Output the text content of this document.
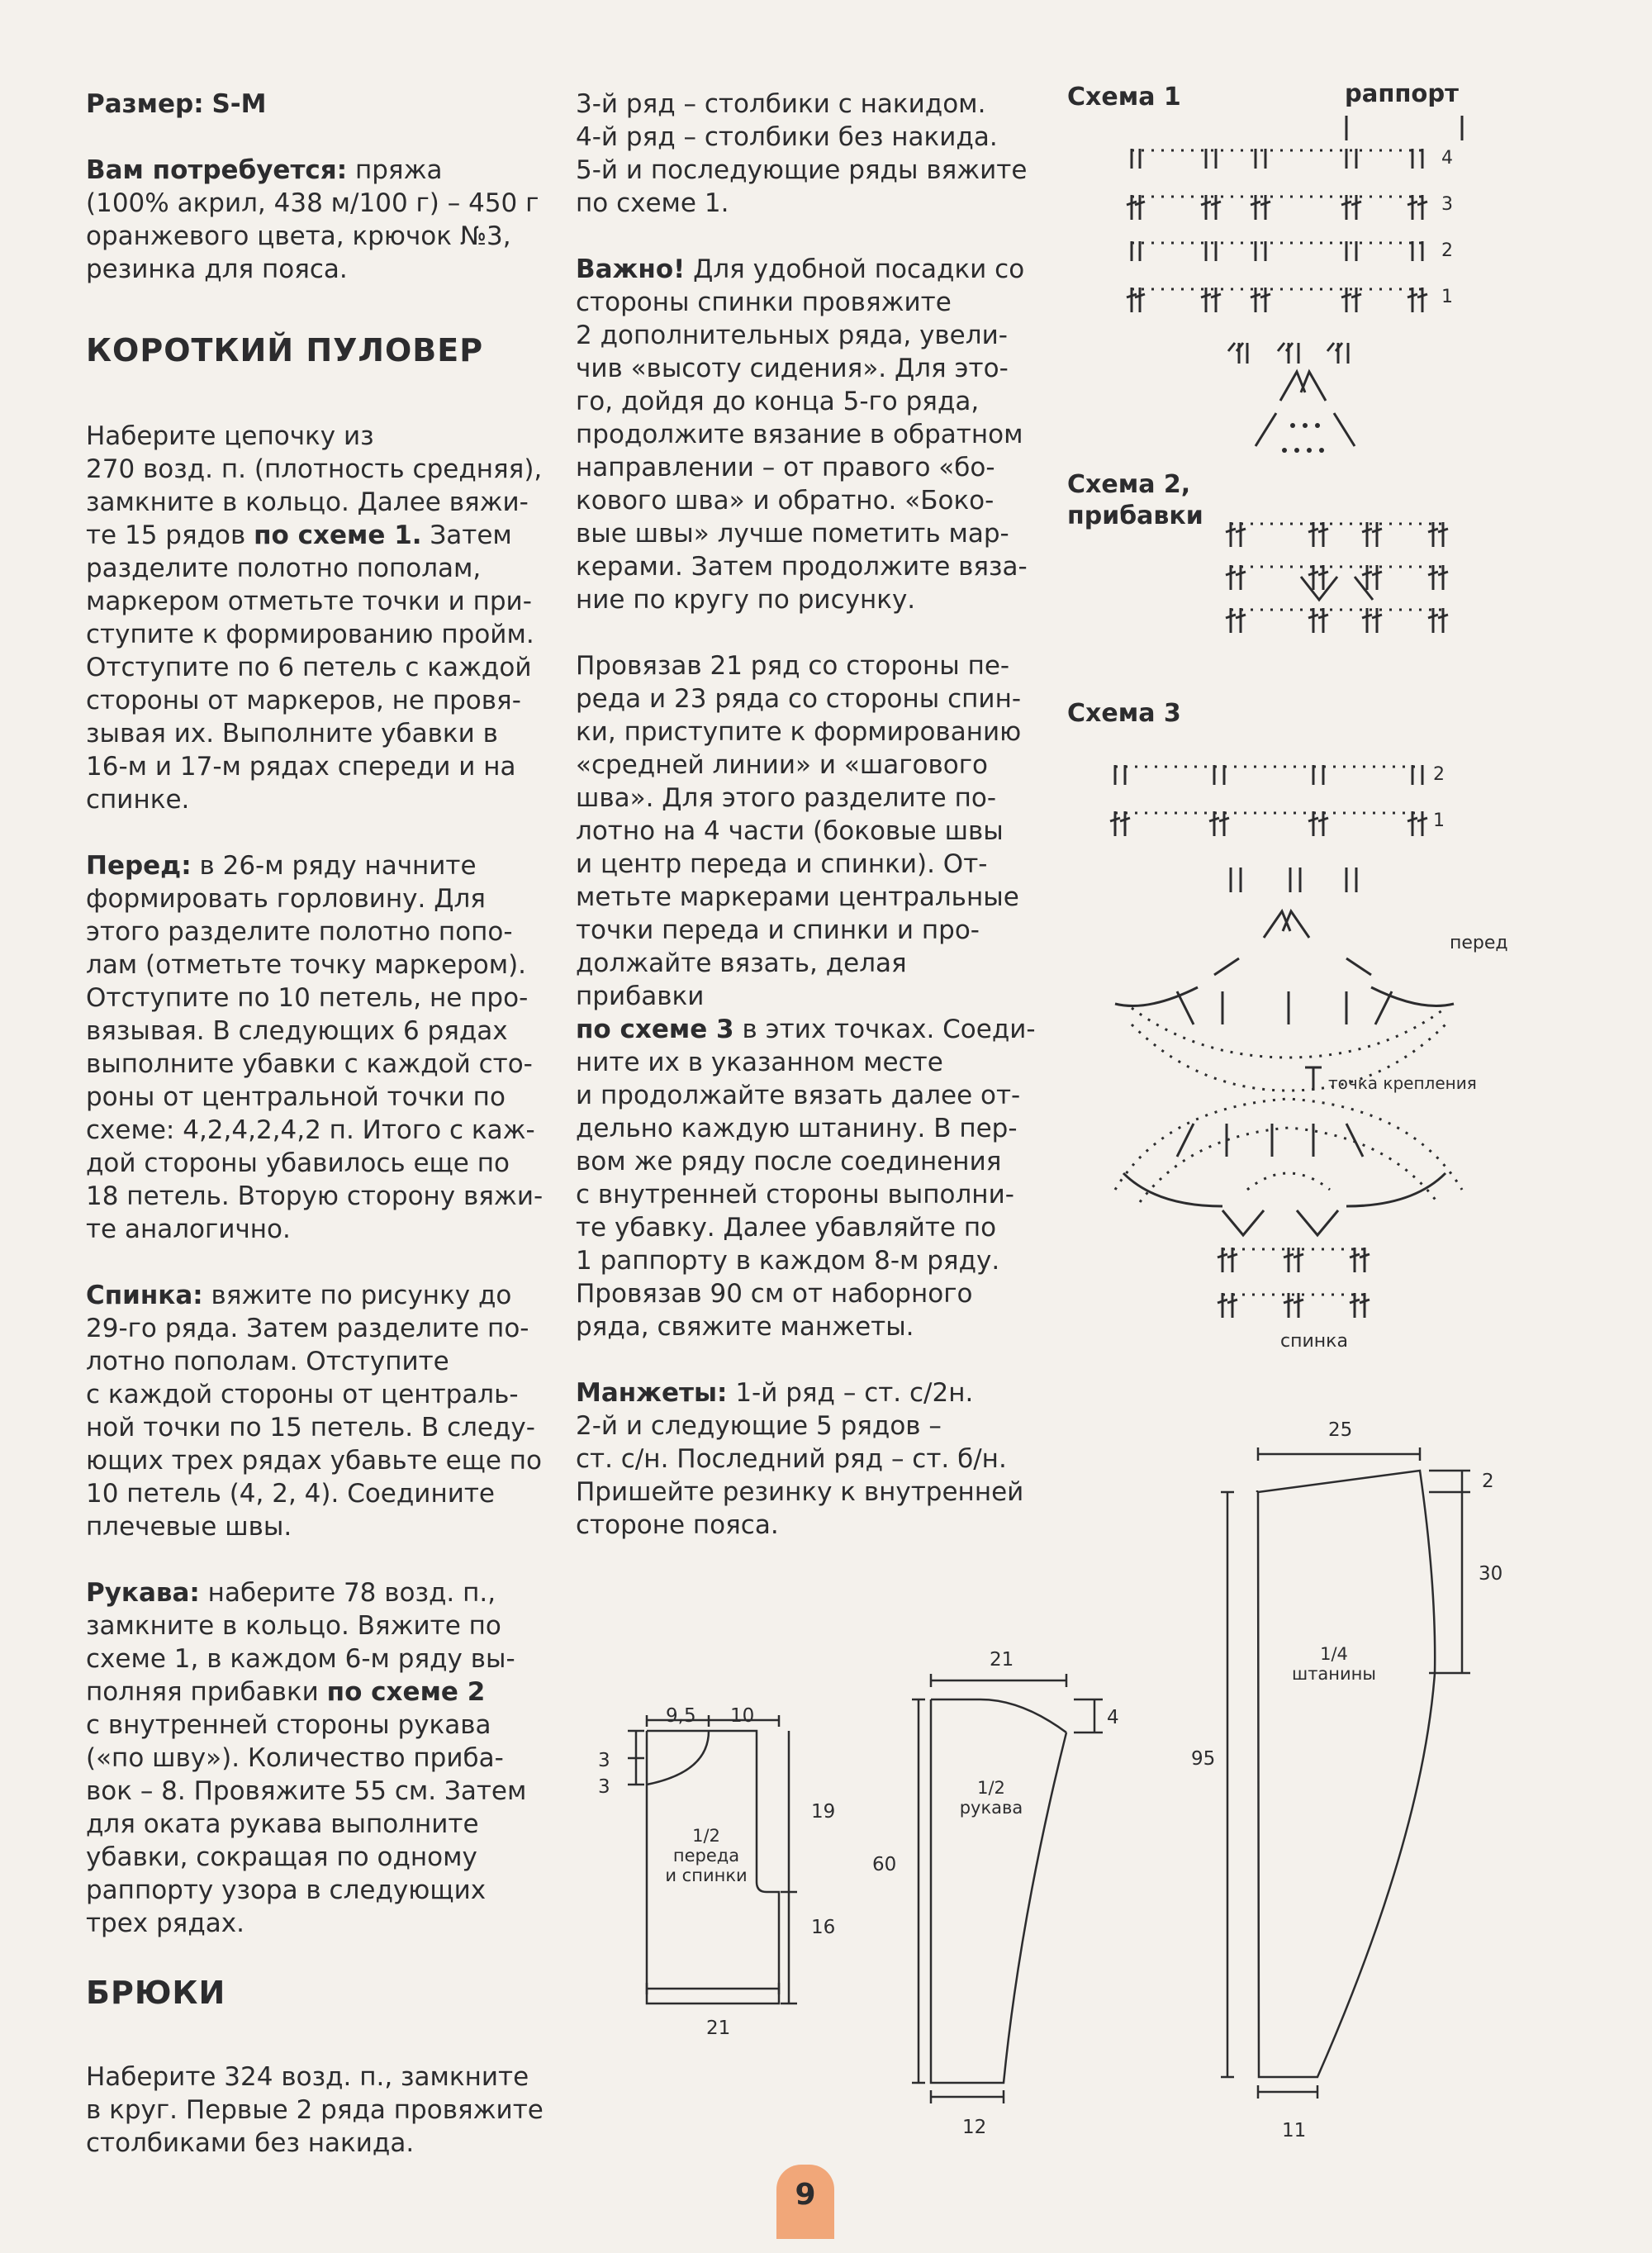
Размер: S-M

Вам потребуется: пряжа
(100% акрил, 438 м/100 г) – 450 г
оранжевого цвета, крючок №3,
резинка для пояса.

КОРОТКИЙ ПУЛОВЕР

Наберите цепочку из
270 возд. п. (плотность средняя),
замкните в кольцо. Далее вяжи-
те 15 рядов по схеме 1. Затем
разделите полотно пополам,
маркером отметьте точки и при-
ступите к формированию пройм.
Отступите по 6 петель с каждой
стороны от маркеров, не провя-
зывая их. Выполните убавки в
16-м и 17-м рядах спереди и на
спинке.

Перед: в 26-м ряду начните
формировать горловину. Для
этого разделите полотно попо-
лам (отметьте точку маркером).
Отступите по 10 петель, не про-
вязывая. В следующих 6 рядах
выполните убавки с каждой сто-
роны от центральной точки по
схеме: 4,2,4,2,4,2 п. Итого с каж-
дой стороны убавилось еще по
18 петель. Вторую сторону вяжи-
те аналогично.

Спинка: вяжите по рисунку до
29-го ряда. Затем разделите по-
лотно пополам. Отступите
с каждой стороны от централь-
ной точки по 15 петель. В следу-
ющих трех рядах убавьте еще по
10 петель (4, 2, 4). Соедините
плечевые швы.

Рукава: наберите 78 возд. п.,
замкните в кольцо. Вяжите по
схеме 1, в каждом 6-м ряду вы-
полняя прибавки по схеме 2
с внутренней стороны рукава
(«по шву»). Количество приба-
вок – 8. Провяжите 55 см. Затем
для оката рукава выполните
убавки, сокращая по одному
раппорту узора в следующих
трех рядах.

БРЮКИ

Наберите 324 возд. п., замкните
в круг. Первые 2 ряда провяжите
столбиками без накида.

3-й ряд – столбики с накидом.
4-й ряд – столбики без накида.
5-й и последующие ряды вяжите
по схеме 1.

Важно! Для удобной посадки со
стороны спинки провяжите
2 дополнительных ряда, увели-
чив «высоту сидения». Для это-
го, дойдя до конца 5-го ряда,
продолжите вязание в обратном
направлении – от правого «бо-
кового шва» и обратно. «Боко-
вые швы» лучше пометить мар-
керами. Затем продолжите вяза-
ние по кругу по рисунку.

Провязав 21 ряд со стороны пе-
реда и 23 ряда со стороны спин-
ки, приступите к формированию
«средней линии» и «шагового
шва». Для этого разделите по-
лотно на 4 части (боковые швы
и центр переда и спинки). От-
метьте маркерами центральные
точки переда и спинки и про-
должайте вязать, делая прибавки
по схеме 3 в этих точках. Соеди-
ните их в указанном месте
и продолжайте вязать далее от-
дельно каждую штанину. В пер-
вом же ряду после соединения
с внутренней стороны выполни-
те убавку. Далее убавляйте по
1 раппорту в каждом 8-м ряду.
Провязав 90 см от наборного
ряда, свяжите манжеты.

Манжеты: 1-й ряд – ст. с/2н.
2-й и следующие 5 рядов –
ст. с/н. Последний ряд – ст. б/н.
Пришейте резинку к внутренней
стороне пояса.

Схема 1	раппорт
4
3
2
1
Схема 2,
прибавки
Схема 3
2
1
перед
точка крепления
спинка
1/2
переда
и спинки
9,5 10
3
3
19
16
21
1/2
рукава
21
4
60
12
1/4
штанины
25
2
30
95
11
9
